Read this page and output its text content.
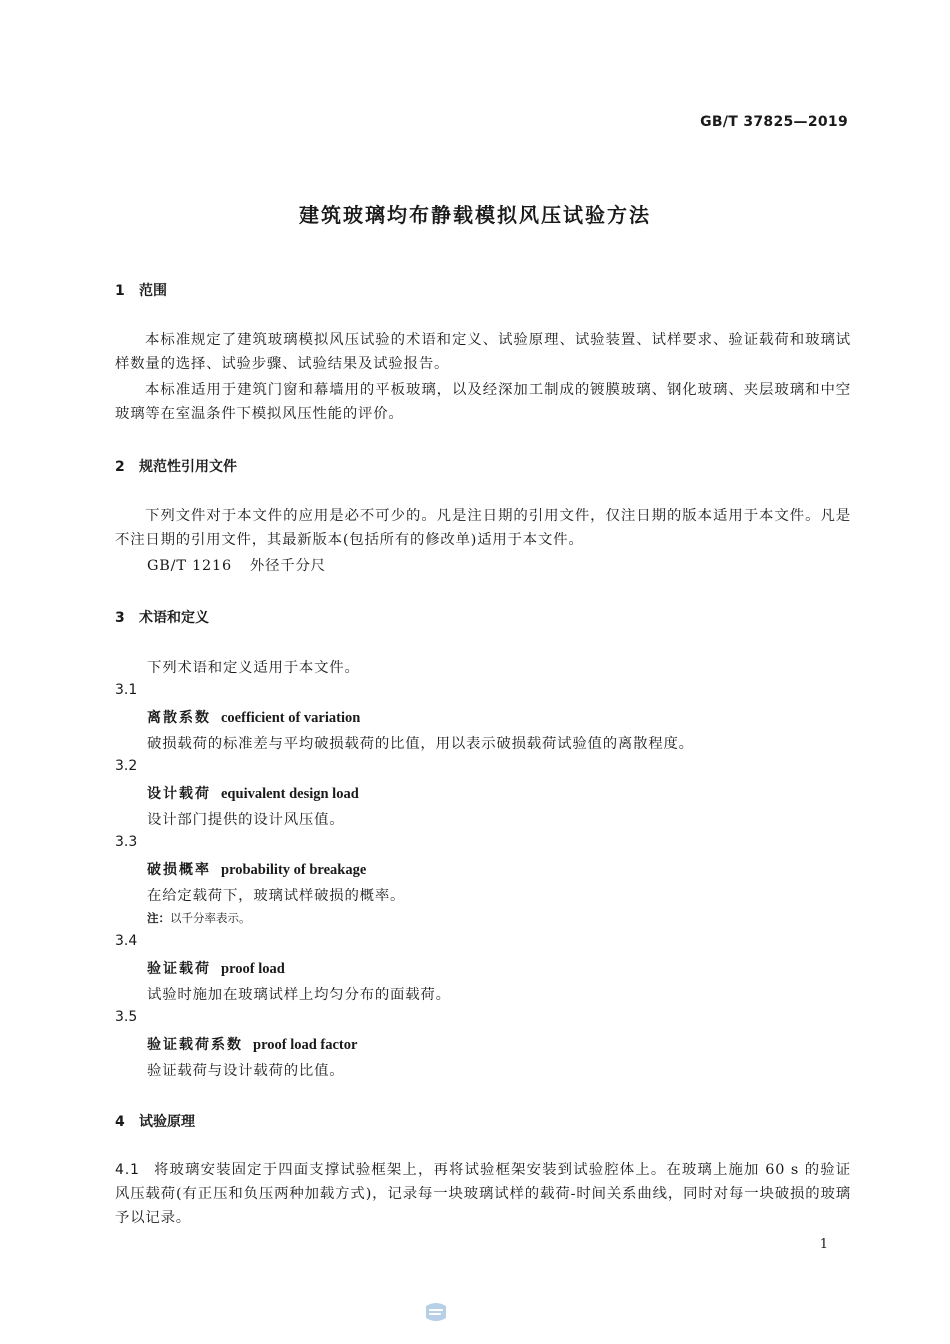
GB/T 37825—2019
建筑玻璃均布静载模拟风压试验方法
1 范围
本标准规定了建筑玻璃模拟风压试验的术语和定义、试验原理、试验装置、试样要求、验证载荷和玻璃试样数量的选择、试验步骤、试验结果及试验报告。
本标准适用于建筑门窗和幕墙用的平板玻璃，以及经深加工制成的镀膜玻璃、钢化玻璃、夹层玻璃和中空玻璃等在室温条件下模拟风压性能的评价。
2 规范性引用文件
下列文件对于本文件的应用是必不可少的。凡是注日期的引用文件，仅注日期的版本适用于本文件。凡是不注日期的引用文件，其最新版本(包括所有的修改单)适用于本文件。
GB/T 1216 外径千分尺
3 术语和定义
下列术语和定义适用于本文件。
3.1
离散系数 coefficient of variation
破损载荷的标准差与平均破损载荷的比值，用以表示破损载荷试验值的离散程度。
3.2
设计载荷 equivalent design load
设计部门提供的设计风压值。
3.3
破损概率 probability of breakage
在给定载荷下，玻璃试样破损的概率。
注：以千分率表示。
3.4
验证载荷 proof load
试验时施加在玻璃试样上均匀分布的面载荷。
3.5
验证载荷系数 proof load factor
验证载荷与设计载荷的比值。
4 试验原理
4.1 将玻璃安装固定于四面支撑试验框架上，再将试验框架安装到试验腔体上。在玻璃上施加 60 s 的验证风压载荷(有正压和负压两种加载方式)，记录每一块玻璃试样的载荷-时间关系曲线，同时对每一块破损的玻璃予以记录。
1
